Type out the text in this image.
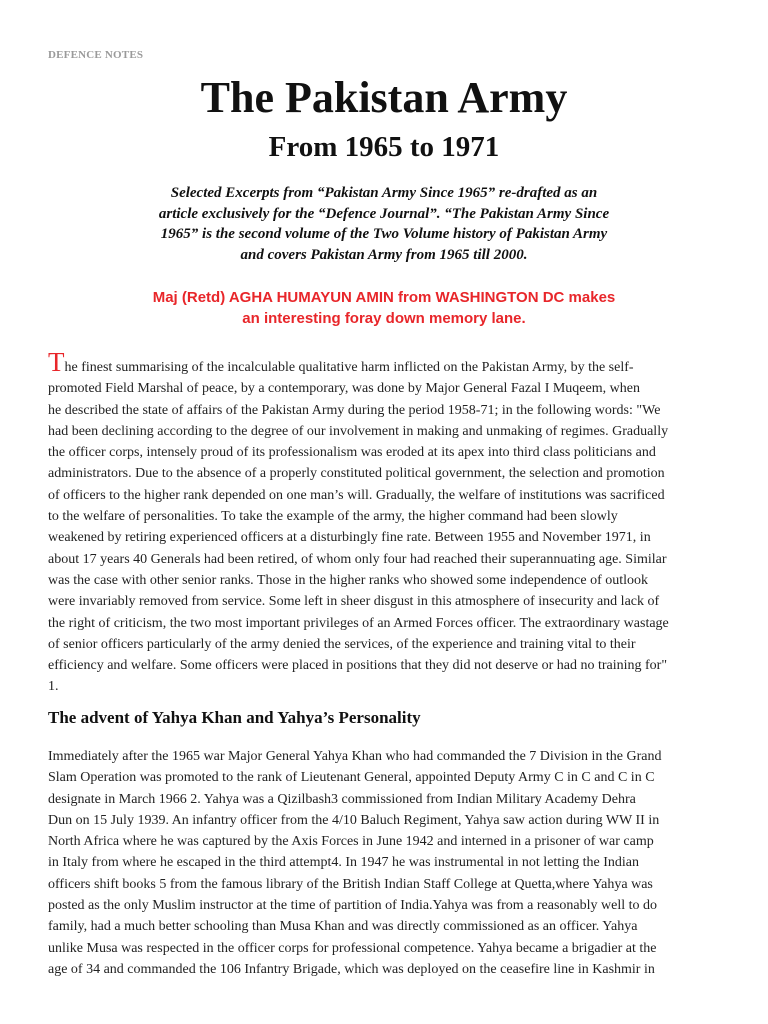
DEFENCE NOTES
The Pakistan Army
From 1965 to 1971
Selected Excerpts from “Pakistan Army Since 1965” re-drafted as an
article exclusively for the “Defence Journal”. “The Pakistan Army Since
1965” is the second volume of the Two Volume history of Pakistan Army
and covers Pakistan Army from 1965 till 2000.
Maj (Retd) AGHA HUMAYUN AMIN from WASHINGTON DC makes
an interesting foray down memory lane.
The finest summarising of the incalculable qualitative harm inflicted on the Pakistan Army, by the self-
promoted Field Marshal of peace, by a contemporary, was done by Major General Fazal I Muqeem, when
he described the state of affairs of the Pakistan Army during the period 1958-71; in the following words: "We
had been declining according to the degree of our involvement in making and unmaking of regimes. Gradually
the officer corps, intensely proud of its professionalism was eroded at its apex into third class politicians and
administrators. Due to the absence of a properly constituted political government, the selection and promotion
of officers to the higher rank depended on one man’s will. Gradually, the welfare of institutions was sacrificed
to the welfare of personalities. To take the example of the army, the higher command had been slowly
weakened by retiring experienced officers at a disturbingly fine rate. Between 1955 and November 1971, in
about 17 years 40 Generals had been retired, of whom only four had reached their superannuating age. Similar
was the case with other senior ranks. Those in the higher ranks who showed some independence of outlook
were invariably removed from service. Some left in sheer disgust in this atmosphere of insecurity and lack of
the right of criticism, the two most important privileges of an Armed Forces officer. The extraordinary wastage
of senior officers particularly of the army denied the services, of the experience and training vital to their
efficiency and welfare. Some officers were placed in positions that they did not deserve or had no training for"
1.
The advent of Yahya Khan and Yahya’s Personality
Immediately after the 1965 war Major General Yahya Khan who had commanded the 7 Division in the Grand
Slam Operation was promoted to the rank of Lieutenant General, appointed Deputy Army C in C and C in C
designate in March 1966 2. Yahya was a Qizilbash3 commissioned from Indian Military Academy Dehra
Dun on 15 July 1939. An infantry officer from the 4/10 Baluch Regiment, Yahya saw action during WW II in
North Africa where he was captured by the Axis Forces in June 1942 and interned in a prisoner of war camp
in Italy from where he escaped in the third attempt4. In 1947 he was instrumental in not letting the Indian
officers shift books 5 from the famous library of the British Indian Staff College at Quetta,where Yahya was
posted as the only Muslim instructor at the time of partition of India.Yahya was from a reasonably well to do
family, had a much better schooling than Musa Khan and was directly commissioned as an officer. Yahya
unlike Musa was respected in the officer corps for professional competence. Yahya became a brigadier at the
age of 34 and commanded the 106 Infantry Brigade, which was deployed on the ceasefire line in Kashmir in
